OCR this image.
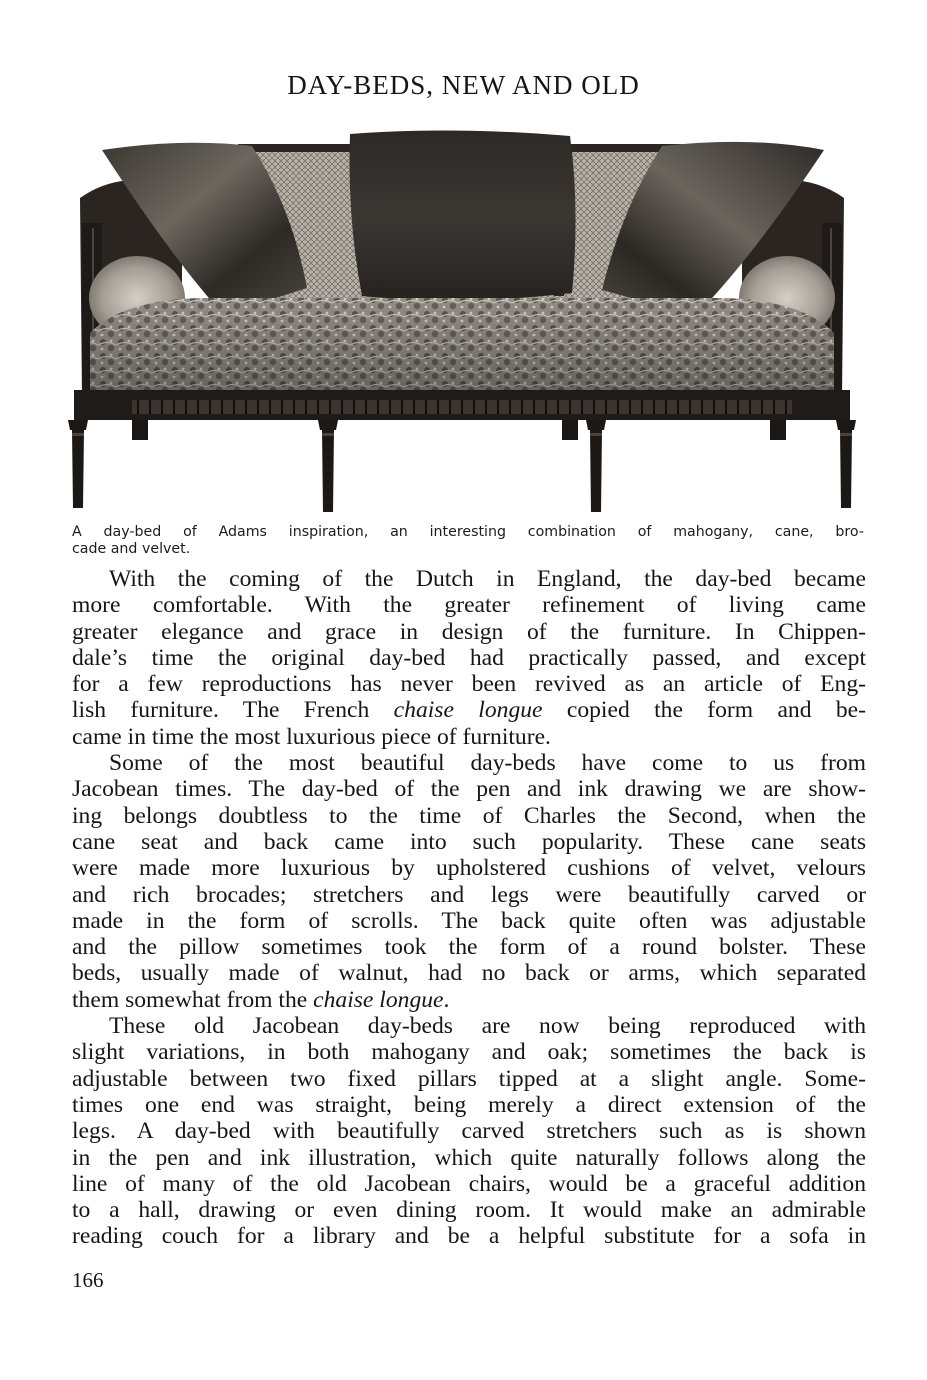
DAY-BEDS, NEW AND OLD
A day-bed of Adams inspiration, an interesting combination of mahogany, cane, bro-
cade and velvet.
With the coming of the Dutch in England, the day-bed became
more comfortable. With the greater refinement of living came
greater elegance and grace in design of the furniture. In Chippen-
dale’s time the original day-bed had practically passed, and except
for a few reproductions has never been revived as an article of Eng-
lish furniture. The French chaise longue copied the form and be-
came in time the most luxurious piece of furniture.
Some of the most beautiful day-beds have come to us from
Jacobean times. The day-bed of the pen and ink drawing we are show-
ing belongs doubtless to the time of Charles the Second, when the
cane seat and back came into such popularity. These cane seats
were made more luxurious by upholstered cushions of velvet, velours
and rich brocades; stretchers and legs were beautifully carved or
made in the form of scrolls. The back quite often was adjustable
and the pillow sometimes took the form of a round bolster. These
beds, usually made of walnut, had no back or arms, which separated
them somewhat from the chaise longue.
These old Jacobean day-beds are now being reproduced with
slight variations, in both mahogany and oak; sometimes the back is
adjustable between two fixed pillars tipped at a slight angle. Some-
times one end was straight, being merely a direct extension of the
legs. A day-bed with beautifully carved stretchers such as is shown
in the pen and ink illustration, which quite naturally follows along the
line of many of the old Jacobean chairs, would be a graceful addition
to a hall, drawing or even dining room. It would make an admirable
reading couch for a library and be a helpful substitute for a sofa in
166
